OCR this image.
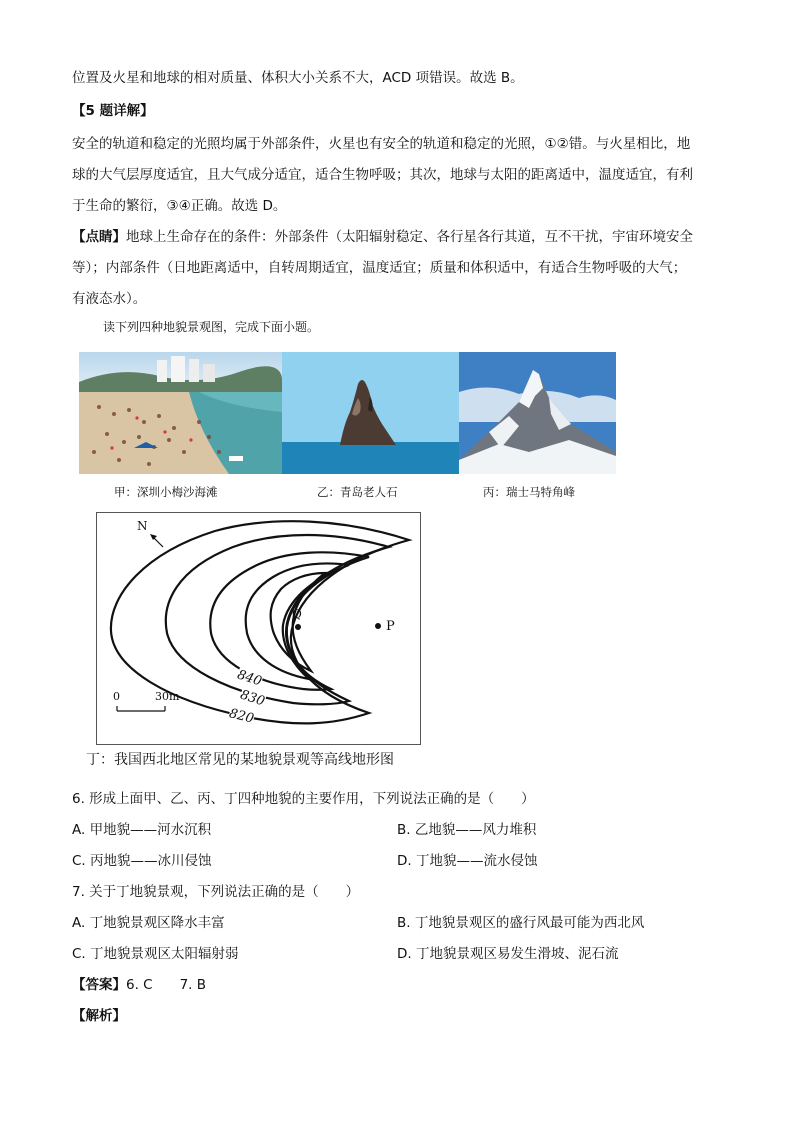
位置及火星和地球的相对质量、体积大小关系不大，ACD 项错误。故选 B。
【5 题详解】
安全的轨道和稳定的光照均属于外部条件，火星也有安全的轨道和稳定的光照，①②错。与火星相比，地
球的大气层厚度适宜，且大气成分适宜，适合生物呼吸；其次，地球与太阳的距离适中，温度适宜，有利
于生命的繁衍，③④正确。故选 D。
【点睛】地球上生命存在的条件：外部条件（太阳辐射稳定、各行星各行其道，互不干扰，宇宙环境安全
等）；内部条件（日地距离适中，自转周期适宜，温度适宜；质量和体积适中，有适合生物呼吸的大气；
有液态水）。
读下列四种地貌景观图，完成下面小题。
甲：深圳小梅沙海滩	乙：青岛老人石	丙：瑞士马特角峰
N
Q
P
840
830
820
0	30m
丁：我国西北地区常见的某地貌景观等高线地形图
6. 形成上面甲、乙、丙、丁四种地貌的主要作用，下列说法正确的是（　　）
A. 甲地貌——河水沉积	B. 乙地貌——风力堆积
C. 丙地貌——冰川侵蚀	D. 丁地貌——流水侵蚀
7. 关于丁地貌景观，下列说法正确的是（　　）
A. 丁地貌景观区降水丰富	B. 丁地貌景观区的盛行风最可能为西北风
C. 丁地貌景观区太阳辐射弱	D. 丁地貌景观区易发生滑坡、泥石流
【答案】6. C　　7. B
【解析】
